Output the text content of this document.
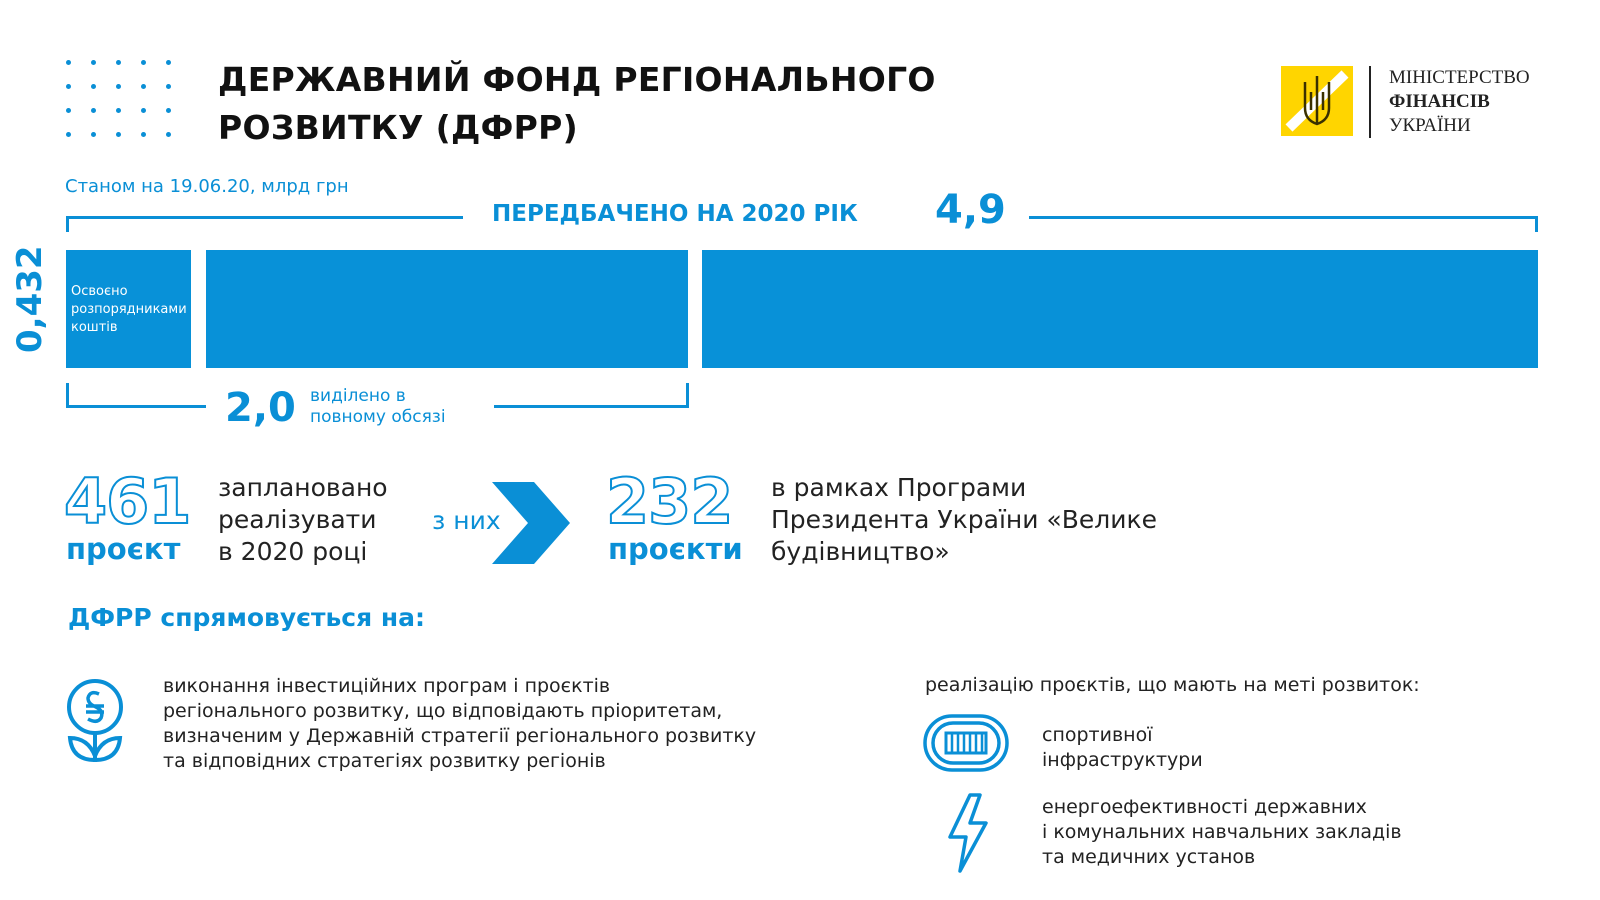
ДЕРЖАВНИЙ ФОНД РЕГІОНАЛЬНОГО
РОЗВИТКУ (ДФРР)
МІНІСТЕРСТВО
ФІНАНСІВ
УКРАЇНИ
Станом на 19.06.20, млрд грн
ПЕРЕДБАЧЕНО НА 2020 РІК 4,9
0,432	Освоєно розпорядниками коштів
2,0 виділено в
повному обсязі
461
проєкт
заплановано
реалізувати
в 2020 році
з них 232
проєкти
в рамках Програми
Президента України «Велике
будівництво»
ДФРР спрямовується на:
виконання інвестиційних програм і проєктів
регіонального розвитку, що відповідають пріоритетам,
визначеним у Державній стратегії регіонального розвитку
та відповідних стратегіях розвитку регіонів
реалізацію проєктів, що мають на меті розвиток:
спортивної
інфраструктури
енергоефективності державних
і комунальних навчальних закладів
та медичних установ
